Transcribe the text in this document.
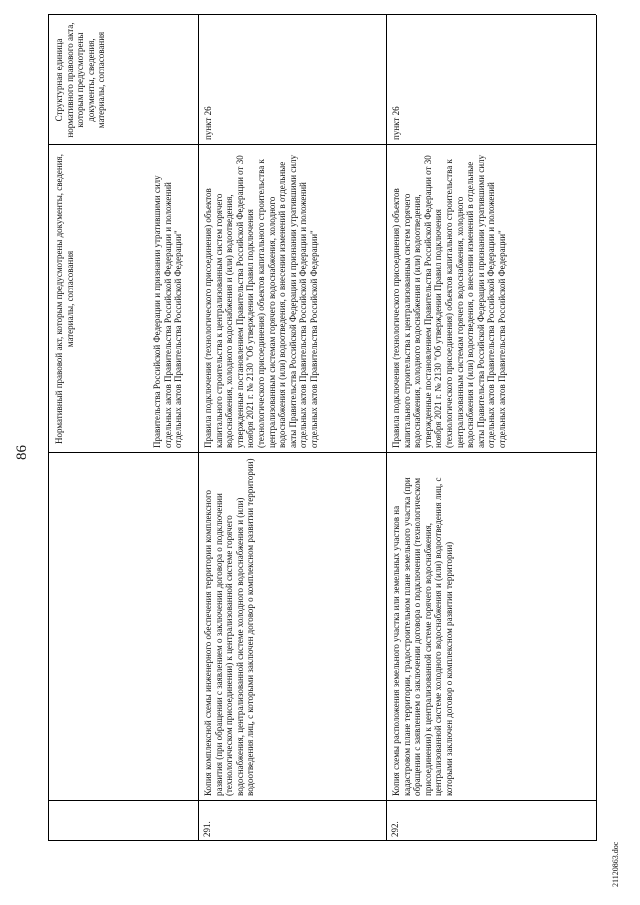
86
Нормативный правовой акт, которым предусмотрены документы, сведения, материалы, согласования
Структурная единица нормативного правового акта, которым предусмотрены документы, сведения, материалы, согласования
Правительства Российской Федерации и признании утратившими силу отдельных актов Правительства Российской Федерации и положений отдельных актов Правительства Российской Федерации"
291.
Копия комплексной схемы инженерного обеспечения территории комплексного развития (при обращении с заявлением о заключении договора о подключении (технологическом присоединении) к централизованной системе горячего водоснабжения, централизованной системе холодного водоснабжения и (или) водоотведения лиц, с которыми заключен договор о комплексном развитии территории)
Правила подключения (технологического присоединения) объектов капитального строительства к централизованным систем горячего водоснабжения, холодного водоснабжения и (или) водоотведения, утвержденные постановлением Правительства Российской Федерации от 30 ноября 2021 г. № 2130 "Об утверждении Правил подключения (технологического присоединения) объектов капитального строительства к централизованным системам горячего водоснабжения, холодного водоснабжения и (или) водоотведения, о внесении изменений в отдельные акты Правительства Российской Федерации и признании утратившими силу отдельных актов Правительства Российской Федерации и положений отдельных актов Правительства Российской Федерации"
пункт 26
292.
Копия схемы расположения земельного участка или земельных участков на кадастровом плане территории, градостроительном плане земельного участка (при обращении с заявлением о заключении договора о подключении (технологическом присоединении) к централизованной системе горячего водоснабжения, централизованной системе холодного водоснабжения и (или) водоотведения лиц, с которыми заключен договор о комплексном развитии территории)
Правила подключения (технологического присоединения) объектов капитального строительства к централизованным систем горячего водоснабжения, холодного водоснабжения и (или) водоотведения, утвержденные постановлением Правительства Российской Федерации от 30 ноября 2021 г. № 2130 "Об утверждении Правил подключения (технологического присоединения) объектов капитального строительства к централизованным системам горячего водоснабжения, холодного водоснабжения и (или) водоотведения, о внесении изменений в отдельные акты Правительства Российской Федерации и признании утратившими силу отдельных актов Правительства Российской Федерации и положений отдельных актов Правительства Российской Федерации"
пункт 26
21120863.doc
